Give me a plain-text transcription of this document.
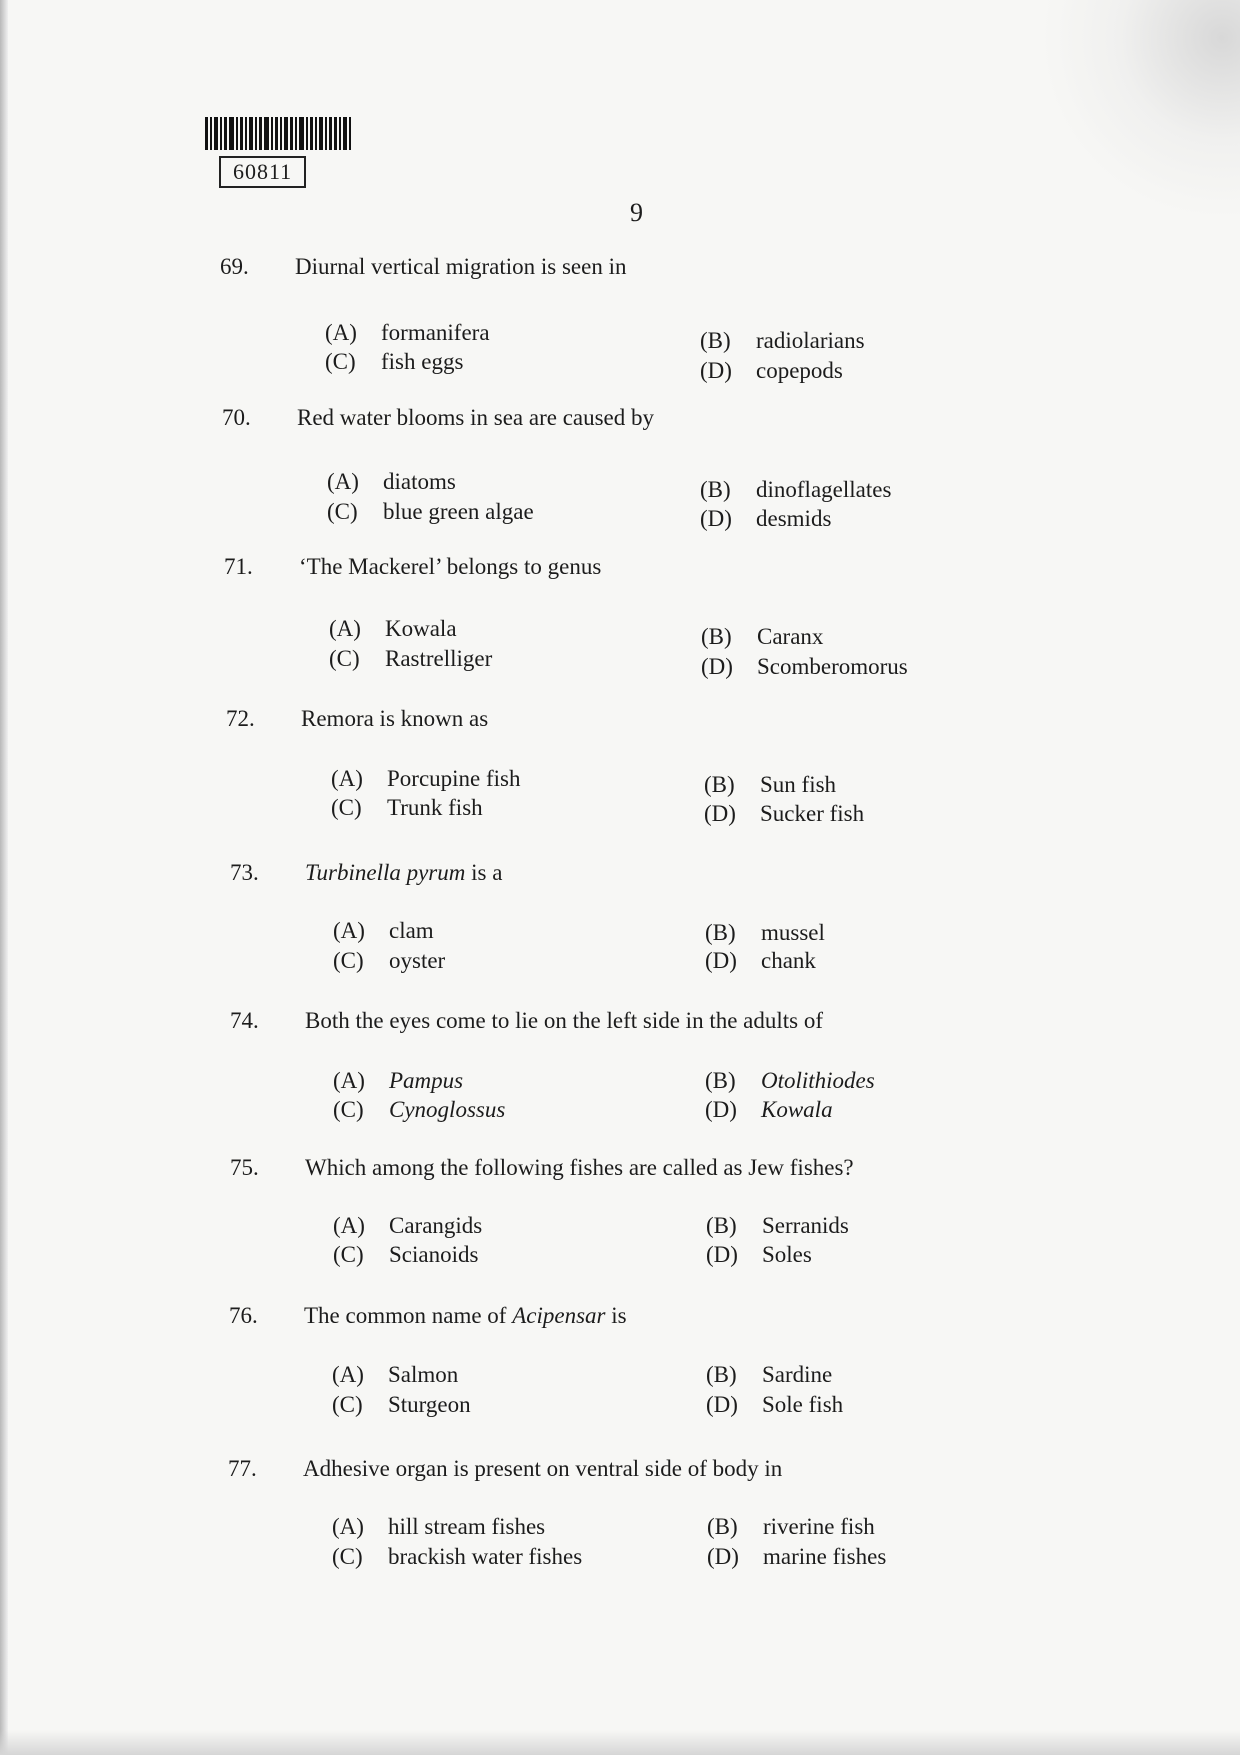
60811
9
69. Diurnal vertical migration is seen in
(A) formanifera	(B) radiolarians
(C) fish eggs	(D) copepods
70. Red water blooms in sea are caused by
(A) diatoms	(B) dinoflagellates
(C) blue green algae	(D) desmids
71. ‘The Mackerel’ belongs to genus
(A) Kowala	(B) Caranx
(C) Rastrelliger	(D) Scomberomorus
72. Remora is known as
(A) Porcupine fish	(B) Sun fish
(C) Trunk fish	(D) Sucker fish
73. Turbinella pyrum is a
(A) clam	(B) mussel
(C) oyster	(D) chank
74. Both the eyes come to lie on the left side in the adults of
(A) Pampus	(B) Otolithiodes
(C) Cynoglossus	(D) Kowala
75. Which among the following fishes are called as Jew fishes?
(A) Carangids	(B) Serranids
(C) Scianoids	(D) Soles
76. The common name of Acipensar is
(A) Salmon	(B) Sardine
(C) Sturgeon	(D) Sole fish
77. Adhesive organ is present on ventral side of body in
(A) hill stream fishes	(B) riverine fish
(C) brackish water fishes	(D) marine fishes
